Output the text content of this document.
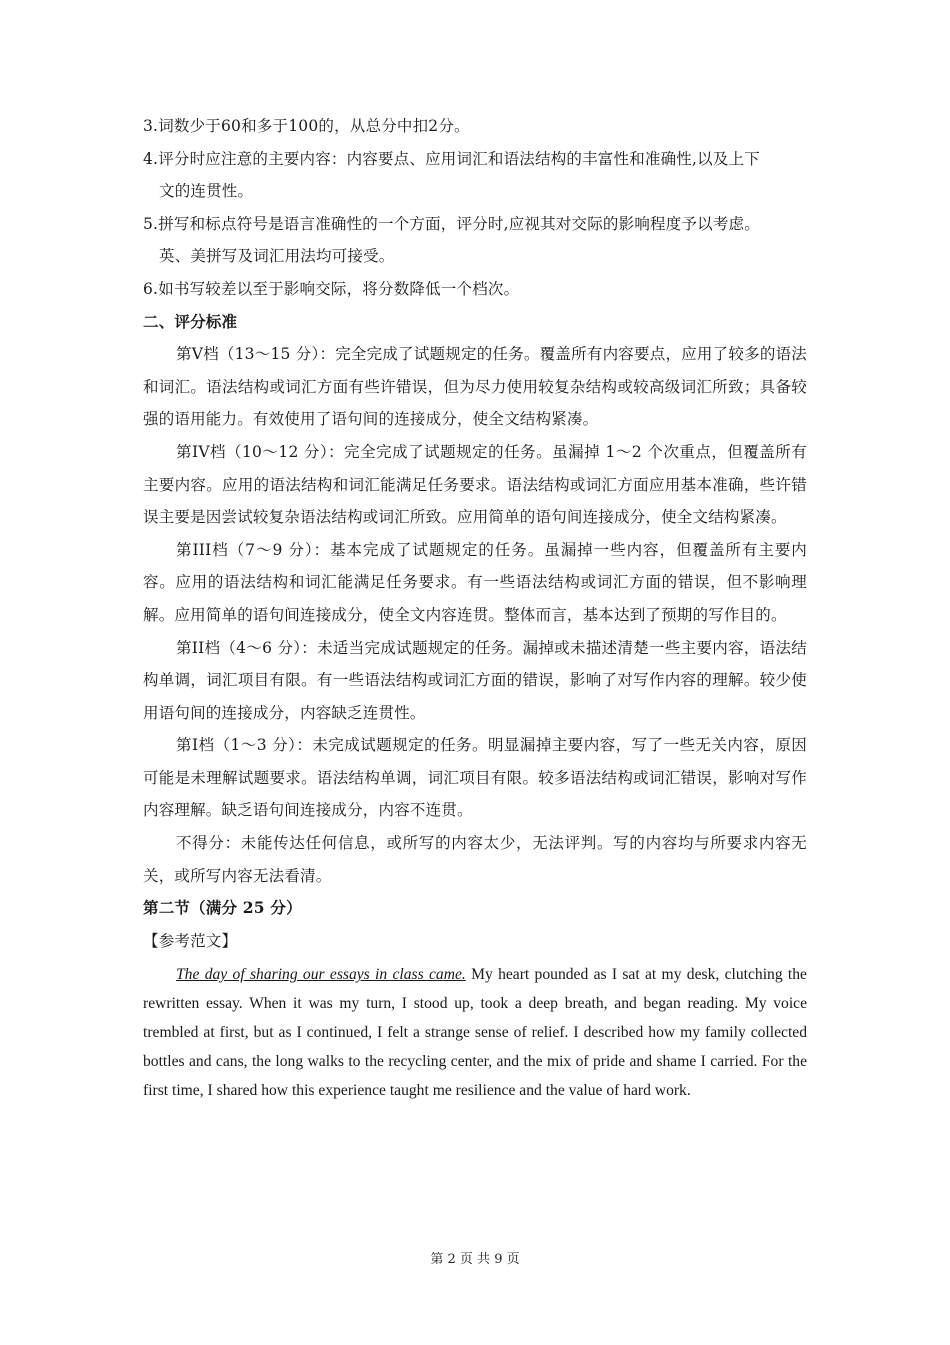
3.词数少于60和多于100的，从总分中扣2分。
4.评分时应注意的主要内容：内容要点、应用词汇和语法结构的丰富性和准确性,以及上下
文的连贯性。
5.拼写和标点符号是语言准确性的一个方面，评分时,应视其对交际的影响程度予以考虑。
英、美拼写及词汇用法均可接受。
6.如书写较差以至于影响交际，将分数降低一个档次。
二、评分标准
第V档（13～15 分）：完全完成了试题规定的任务。覆盖所有内容要点，应用了较多的语法和词汇。语法结构或词汇方面有些许错误，但为尽力使用较复杂结构或较高级词汇所致；具备较强的语用能力。有效使用了语句间的连接成分，使全文结构紧凑。
第IV档（10～12 分）：完全完成了试题规定的任务。虽漏掉 1～2 个次重点，但覆盖所有主要内容。应用的语法结构和词汇能满足任务要求。语法结构或词汇方面应用基本准确，些许错误主要是因尝试较复杂语法结构或词汇所致。应用简单的语句间连接成分，使全文结构紧凑。
第III档（7～9 分）：基本完成了试题规定的任务。虽漏掉一些内容，但覆盖所有主要内容。应用的语法结构和词汇能满足任务要求。有一些语法结构或词汇方面的错误，但不影响理解。应用简单的语句间连接成分，使全文内容连贯。整体而言，基本达到了预期的写作目的。
第II档（4～6 分）：未适当完成试题规定的任务。漏掉或未描述清楚一些主要内容，语法结构单调，词汇项目有限。有一些语法结构或词汇方面的错误，影响了对写作内容的理解。较少使用语句间的连接成分，内容缺乏连贯性。
第I档（1～3 分）：未完成试题规定的任务。明显漏掉主要内容，写了一些无关内容，原因可能是未理解试题要求。语法结构单调，词汇项目有限。较多语法结构或词汇错误，影响对写作内容理解。缺乏语句间连接成分，内容不连贯。
不得分：未能传达任何信息，或所写的内容太少，无法评判。写的内容均与所要求内容无关，或所写内容无法看清。
第二节（满分 25 分）
【参考范文】
The day of sharing our essays in class came. My heart pounded as I sat at my desk, clutching the rewritten essay. When it was my turn, I stood up, took a deep breath, and began reading. My voice trembled at first, but as I continued, I felt a strange sense of relief. I described how my family collected bottles and cans, the long walks to the recycling center, and the mix of pride and shame I carried. For the first time, I shared how this experience taught me resilience and the value of hard work.
第 2 页 共 9 页
